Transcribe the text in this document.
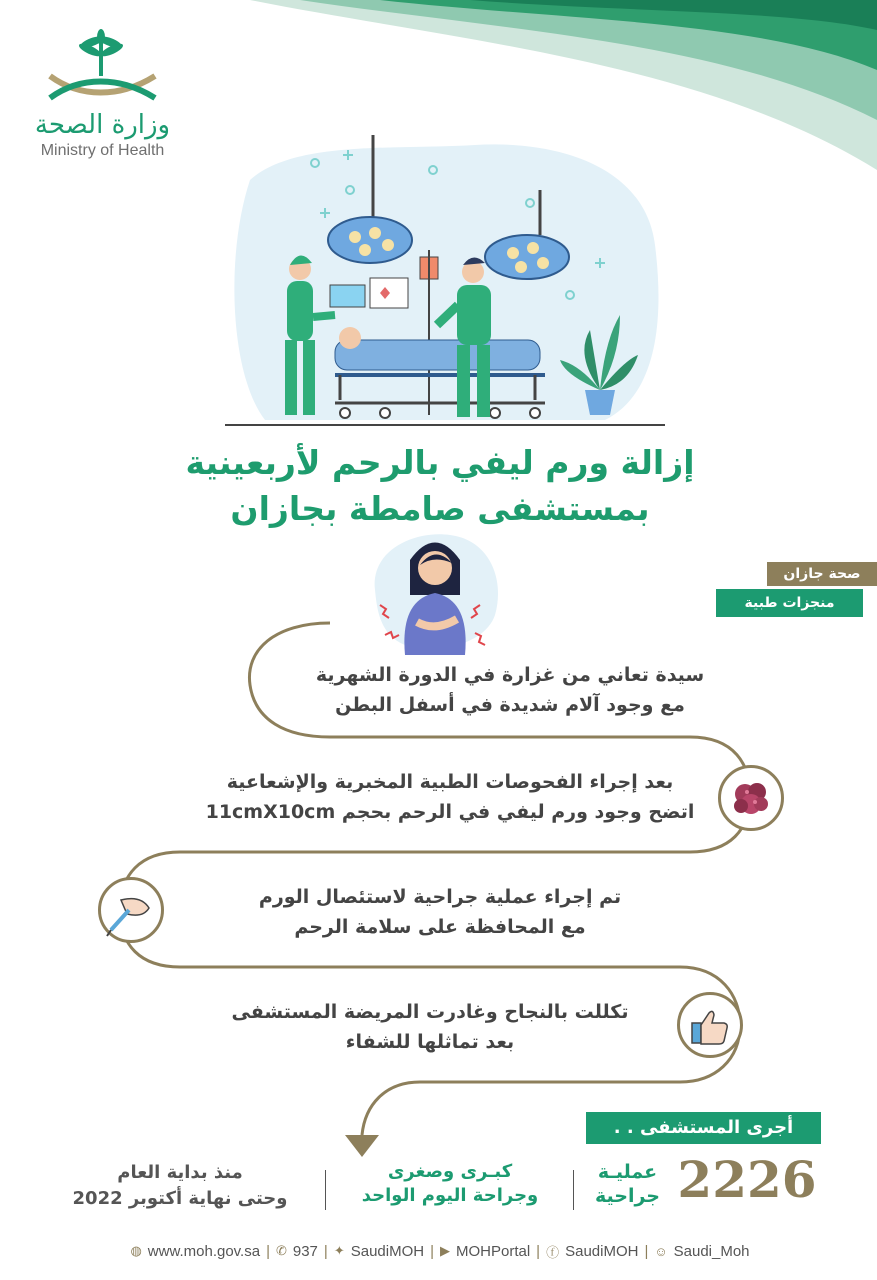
وزارة الصحة
Ministry of Health
إزالة ورم ليفي بالرحم لأربعينية
بمستشفى صامطة بجازان
صحة جازان
منجزات طبية
سيدة تعاني من غزارة في الدورة الشهرية
مع وجود آلام شديدة في أسفل البطن
بعد إجراء الفحوصات الطبية المخبرية والإشعاعية
اتضح وجود ورم ليفي في الرحم بحجم 11cmX10cm
تم إجراء عملية جراحية لاستئصال الورم
مع المحافظة على سلامة الرحم
تكللت بالنجاح وغادرت المريضة المستشفى
بعد تماثلها للشفاء
أجرى المستشفى . .
2226
عمليـة
جراحية
كبـرى وصغرى
وجراحة اليوم الواحد
منذ بداية العام
وحتى نهاية أكتوبر 2022
◍ www.moh.gov.sa | ✆ 937 | ✦ SaudiMOH | ▶ MOHPortal | ⓕ SaudiMOH | ☺ Saudi_Moh
